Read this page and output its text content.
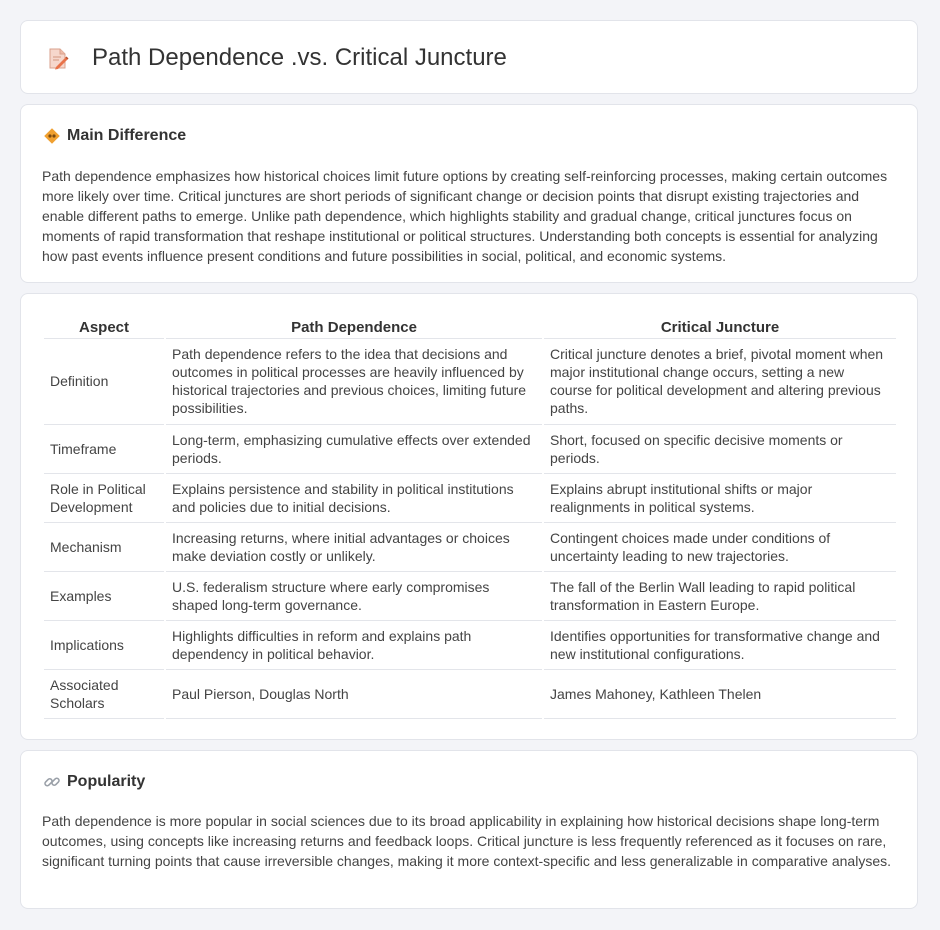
Path Dependence .vs. Critical Juncture
Main Difference

Path dependence emphasizes how historical choices limit future options by creating self-reinforcing processes, making certain outcomes more likely over time. Critical junctures are short periods of significant change or decision points that disrupt existing trajectories and enable different paths to emerge. Unlike path dependence, which highlights stability and gradual change, critical junctures focus on moments of rapid transformation that reshape institutional or political structures. Understanding both concepts is essential for analyzing how past events influence present conditions and future possibilities in social, political, and economic systems.

Aspect	Path Dependence	Critical Juncture
Definition	Path dependence refers to the idea that decisions and outcomes in political processes are heavily influenced by historical trajectories and previous choices, limiting future possibilities.	Critical juncture denotes a brief, pivotal moment when major institutional change occurs, setting a new course for political development and altering previous paths.
Timeframe	Long-term, emphasizing cumulative effects over extended periods.	Short, focused on specific decisive moments or periods.
Role in Political Development	Explains persistence and stability in political institutions and policies due to initial decisions.	Explains abrupt institutional shifts or major realignments in political systems.
Mechanism	Increasing returns, where initial advantages or choices make deviation costly or unlikely.	Contingent choices made under conditions of uncertainty leading to new trajectories.
Examples	U.S. federalism structure where early compromises shaped long-term governance.	The fall of the Berlin Wall leading to rapid political transformation in Eastern Europe.
Implications	Highlights difficulties in reform and explains path dependency in political behavior.	Identifies opportunities for transformative change and new institutional configurations.
Associated Scholars	Paul Pierson, Douglas North	James Mahoney, Kathleen Thelen
Popularity

Path dependence is more popular in social sciences due to its broad applicability in explaining how historical decisions shape long-term outcomes, using concepts like increasing returns and feedback loops. Critical juncture is less frequently referenced as it focuses on rare, significant turning points that cause irreversible changes, making it more context-specific and less generalizable in comparative analyses.
